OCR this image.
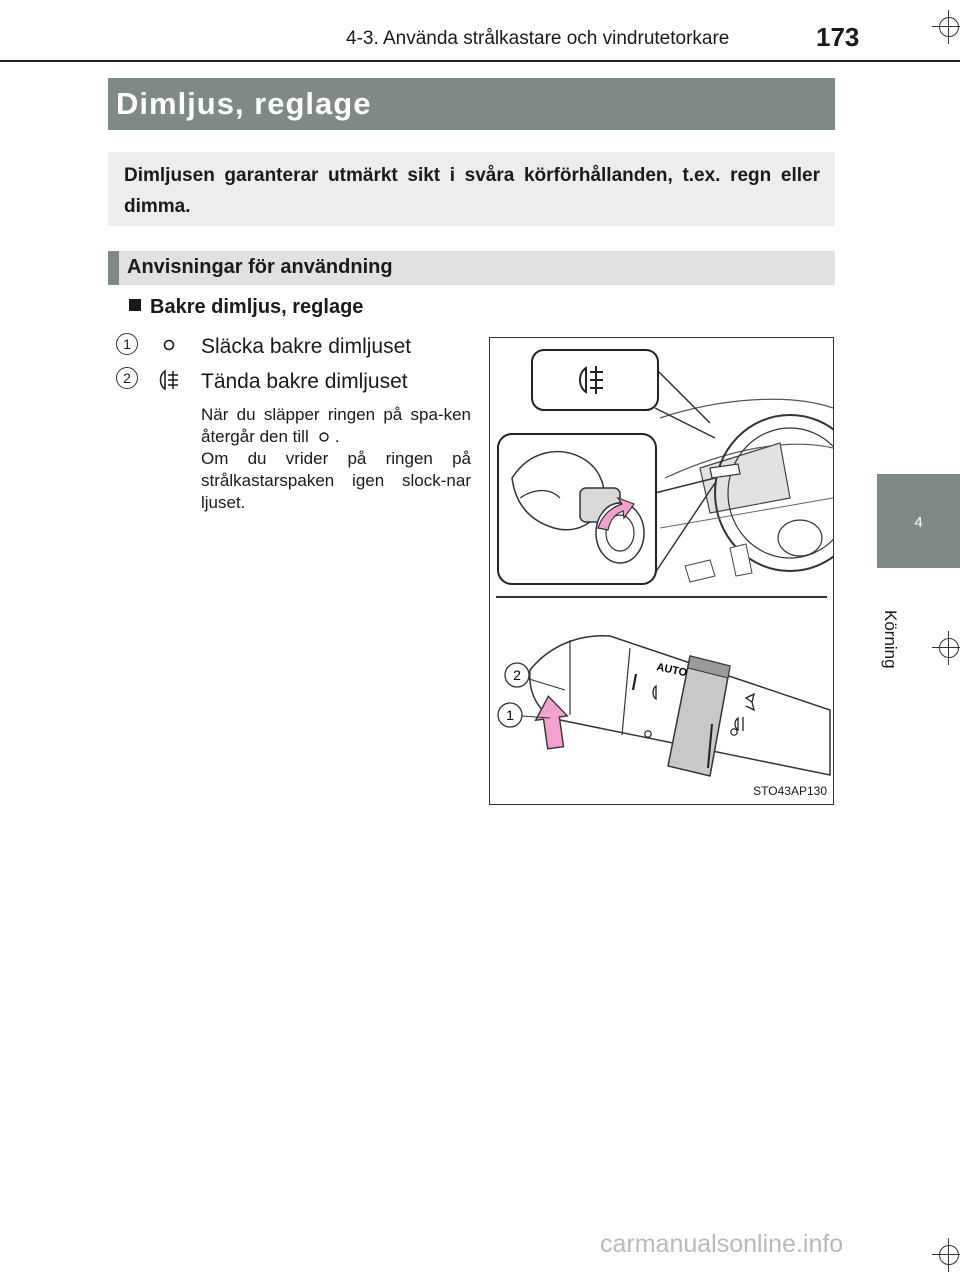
4-3. Använda strålkastare och vindrutetorkare	173
Dimljus, reglage
Dimljusen garanterar utmärkt sikt i svåra körförhållanden, t.ex. regn eller dimma.
Anvisningar för användning
Bakre dimljus, reglage
1	Släcka bakre dimljuset
2	Tända bakre dimljuset

När du släpper ringen på spa-ken återgår den till .

Om du vrider på ringen på strålkastarspaken igen slock-nar ljuset.

AUTO
2
1
STO43AP130
4
Körning
carmanualsonline.info
